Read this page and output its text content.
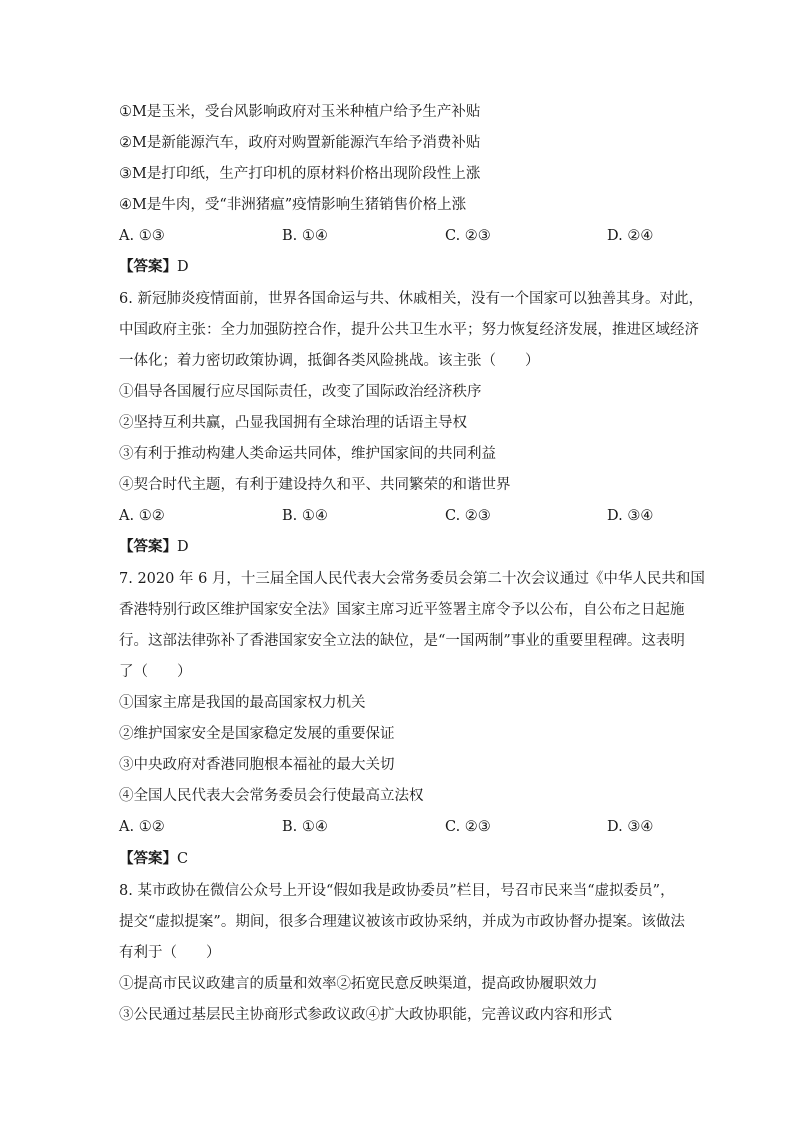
①M是玉米，受台风影响政府对玉米种植户给予生产补贴
②M是新能源汽车，政府对购置新能源汽车给予消费补贴
③M是打印纸，生产打印机的原材料价格出现阶段性上涨
④M是牛肉，受“非洲猪瘟”疫情影响生猪销售价格上涨
A. ①③	B. ①④	C. ②③	D. ②④
【答案】D
6. 新冠肺炎疫情面前，世界各国命运与共、休戚相关，没有一个国家可以独善其身。对此，
中国政府主张：全力加强防控合作，提升公共卫生水平；努力恢复经济发展，推进区域经济
一体化；着力密切政策协调，抵御各类风险挑战。该主张（　　）
①倡导各国履行应尽国际责任，改变了国际政治经济秩序
②坚持互利共赢，凸显我国拥有全球治理的话语主导权
③有利于推动构建人类命运共同体，维护国家间的共同利益
④契合时代主题，有利于建设持久和平、共同繁荣的和谐世界
A. ①②	B. ①④	C. ②③	D. ③④
【答案】D
7. 2020 年 6 月，十三届全国人民代表大会常务委员会第二十次会议通过《中华人民共和国
香港特别行政区维护国家安全法》国家主席习近平签署主席令予以公布，自公布之日起施
行。这部法律弥补了香港国家安全立法的缺位，是“一国两制”事业的重要里程碑。这表明
了（　　）
①国家主席是我国的最高国家权力机关
②维护国家安全是国家稳定发展的重要保证
③中央政府对香港同胞根本福祉的最大关切
④全国人民代表大会常务委员会行使最高立法权
A. ①②	B. ①④	C. ②③	D. ③④
【答案】C
8. 某市政协在微信公众号上开设“假如我是政协委员”栏目，号召市民来当“虚拟委员”，
提交“虚拟提案”。期间，很多合理建议被该市政协采纳，并成为市政协督办提案。该做法
有利于（　　）
①提高市民议政建言的质量和效率②拓宽民意反映渠道，提高政协履职效力
③公民通过基层民主协商形式参政议政④扩大政协职能，完善议政内容和形式
